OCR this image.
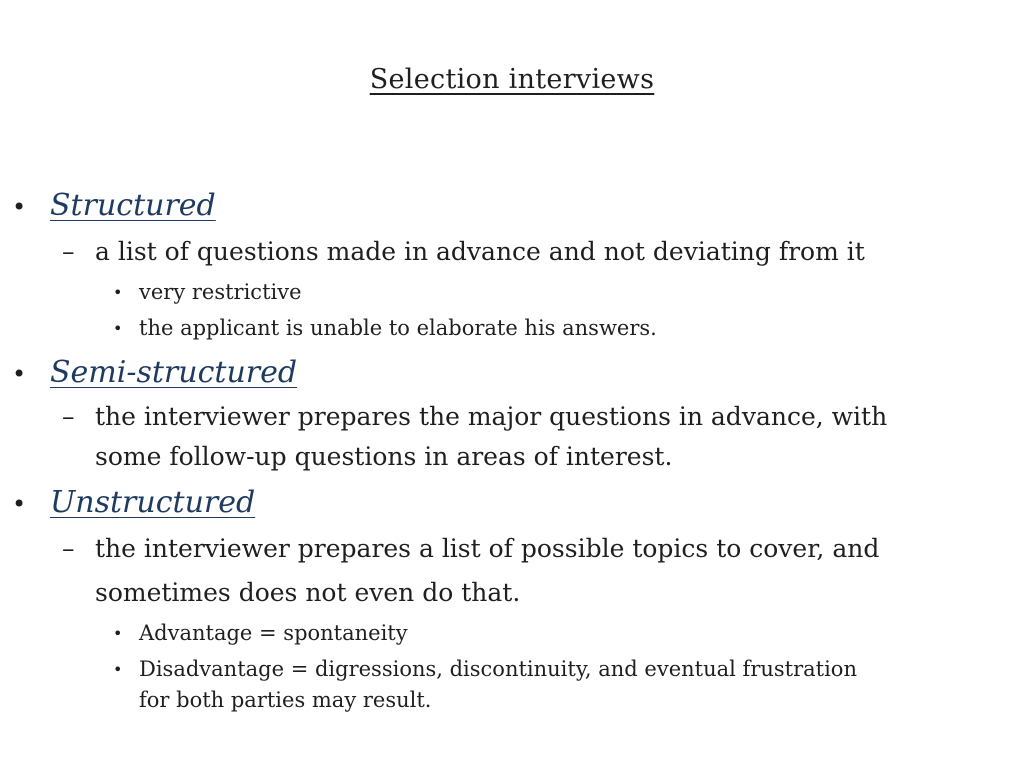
Selection interviews
• Structured
– a list of questions made in advance and not deviating from it
• very restrictive
• the applicant is unable to elaborate his answers.
• Semi-structured
– the interviewer prepares the major questions in advance, with
some follow-up questions in areas of interest.
• Unstructured
– the interviewer prepares a list of possible topics to cover, and
sometimes does not even do that.
• Advantage = spontaneity
• Disadvantage = digressions, discontinuity, and eventual frustration
for both parties may result.
